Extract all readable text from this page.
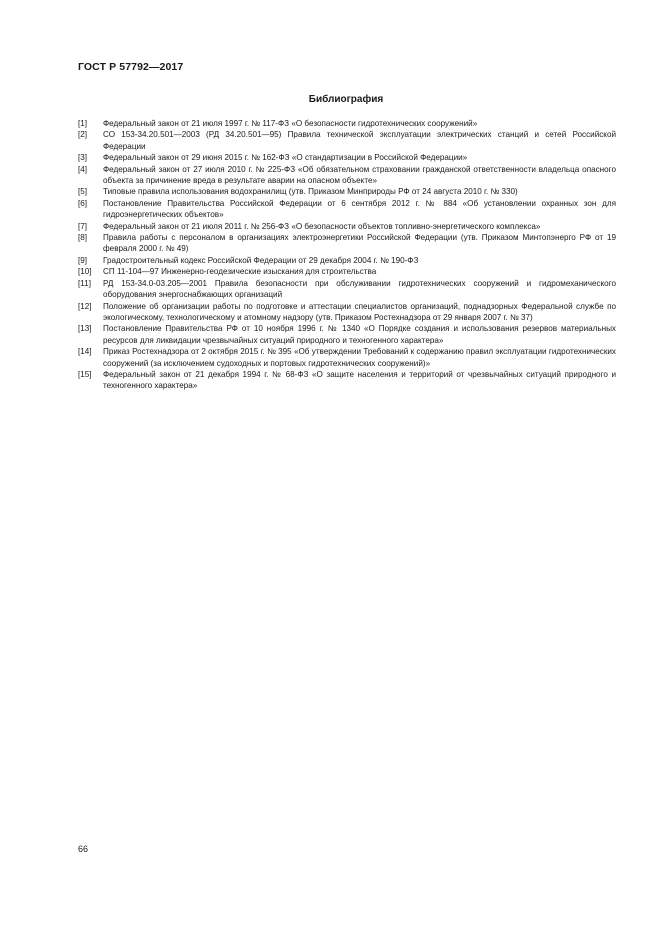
ГОСТ Р 57792—2017
Библиография
[1]	Федеральный закон от 21 июля 1997 г. № 117-ФЗ «О безопасности гидротехнических сооружений»
[2]	СО 153-34.20.501—2003 (РД 34.20.501—95) Правила технической эксплуатации электрических станций и сетей Российской Федерации
[3]	Федеральный закон от 29 июня 2015 г. № 162-ФЗ «О стандартизации в Российской Федерации»
[4]	Федеральный закон от 27 июля 2010 г. № 225-ФЗ «Об обязательном страховании гражданской ответственности владельца опасного объекта за причинение вреда в результате аварии на опасном объекте»
[5]	Типовые правила использования водохранилищ (утв. Приказом Минприроды РФ от 24 августа 2010 г. № 330)
[6]	Постановление Правительства Российской Федерации от 6 сентября 2012 г. № 884 «Об установлении охранных зон для гидроэнергетических объектов»
[7]	Федеральный закон от 21 июля 2011 г. № 256-ФЗ «О безопасности объектов топливно-энергетического комплекса»
[8]	Правила работы с персоналом в организациях электроэнергетики Российской Федерации (утв. Приказом Минтопэнерго РФ от 19 февраля 2000 г. № 49)
[9]	Градостроительный кодекс Российской Федерации от 29 декабря 2004 г. № 190-ФЗ
[10]	СП 11-104—97 Инженерно-геодезические изыскания для строительства
[11]	РД 153-34.0-03.205—2001 Правила безопасности при обслуживании гидротехнических сооружений и гидромеханического оборудования энергоснабжающих организаций
[12]	Положение об организации работы по подготовке и аттестации специалистов организаций, поднадзорных Федеральной службе по экологическому, технологическому и атомному надзору (утв. Приказом Ростехнадзора от 29 января 2007 г. № 37)
[13]	Постановление Правительства РФ от 10 ноября 1996 г. № 1340 «О Порядке создания и использования резервов материальных ресурсов для ликвидации чрезвычайных ситуаций природного и техногенного характера»
[14]	Приказ Ростехнадзора от 2 октября 2015 г. № 395 «Об утверждении Требований к содержанию правил эксплуатации гидротехнических сооружений (за исключением судоходных и портовых гидротехнических сооружений)»
[15]	Федеральный закон от 21 декабря 1994 г. № 68-ФЗ «О защите населения и территорий от чрезвычайных ситуаций природного и техногенного характера»
66
